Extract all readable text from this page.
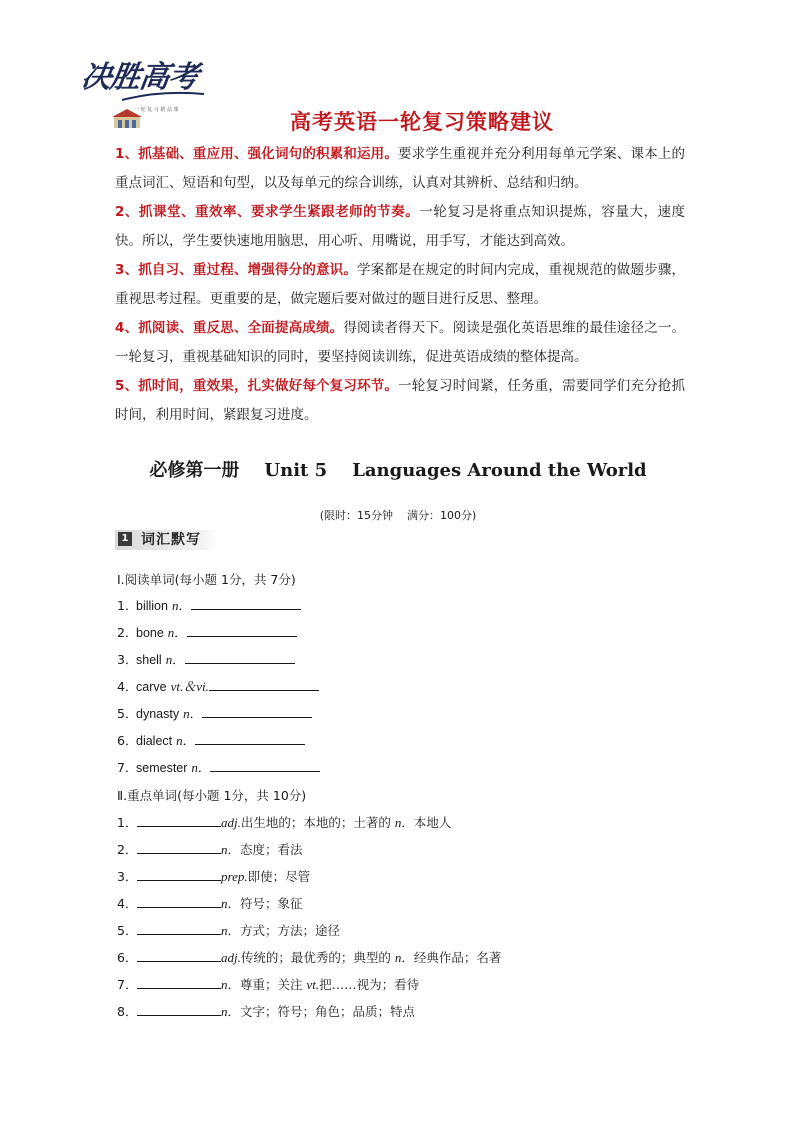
决胜高考
一 轮 复 习 精 品 课	高考英语一轮复习策略建议

1、抓基础、重应用、强化词句的积累和运用。要求学生重视并充分利用每单元学案、课本上的重点词汇、短语和句型，以及每单元的综合训练，认真对其辨析、总结和归纳。

2、抓课堂、重效率、要求学生紧跟老师的节奏。一轮复习是将重点知识提炼，容量大，速度快。所以，学生要快速地用脑思，用心听、用嘴说，用手写，才能达到高效。

3、抓自习、重过程、增强得分的意识。学案都是在规定的时间内完成，重视规范的做题步骤，重视思考过程。更重要的是，做完题后要对做过的题目进行反思、整理。

4、抓阅读、重反思、全面提高成绩。得阅读者得天下。阅读是强化英语思维的最佳途径之一。一轮复习，重视基础知识的同时，要坚持阅读训练，促进英语成绩的整体提高。

5、抓时间，重效果，扎实做好每个复习环节。一轮复习时间紧，任务重，需要同学们充分抢抓时间，利用时间，紧跟复习进度。

必修第一册    Unit 5    Languages Around the World
(限时：15分钟    满分：100分)
1 词汇默写
Ⅰ.阅读单词(每小题 1分，共 7分)
1．billion n．
2．bone n．
3．shell n．
4．carve vt.＆vi.
5．dynasty n．
6．dialect n．
7．semester n．
Ⅱ.重点单词(每小题 1分，共 10分)
1．	adj.出生地的；本地的；土著的 n．本地人
2．	n．态度；看法
3．	prep.即使；尽管
4．	n．符号；象征
5．	n．方式；方法；途径
6．	adj.传统的；最优秀的；典型的 n．经典作品；名著
7．	n．尊重；关注 vt.把……视为；看待
8．	n．文字；符号；角色；品质；特点
